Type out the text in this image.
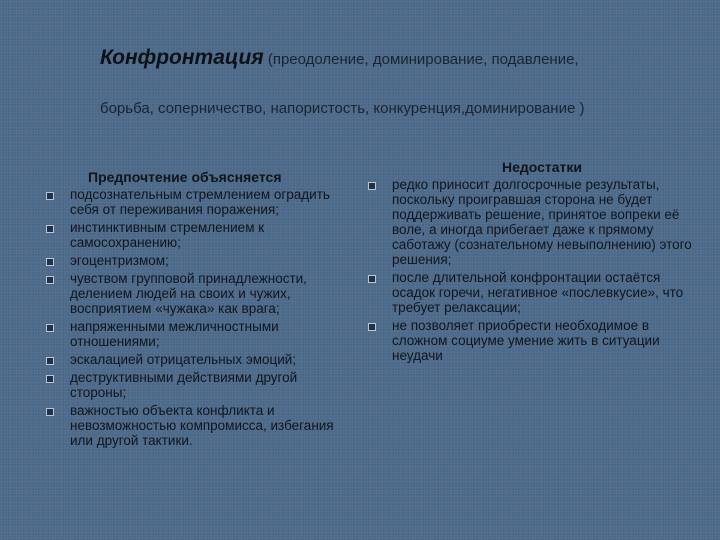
Конфронтация (преодоление, доминирование, подавление,
борьба, соперничество, напористость, конкуренция,доминирование )
Предпочтение объясняется
подсознательным стремлением оградить себя от переживания поражения;
инстинктивным стремлением к самосохранению;
эгоцентризмом;
чувством групповой принадлежности, делением людей на своих и чужих, восприятием «чужака» как врага;
напряженными межличностными отношениями;
эскалацией отрицательных эмоций;
деструктивными действиями другой стороны;
важностью объекта конфликта и невозможностью компромисса, избегания или другой тактики.
Недостатки
редко приносит долгосрочные результаты, поскольку проигравшая сторона не будет поддерживать решение, принятое вопреки её воле, а иногда прибегает даже к прямому саботажу (сознательному невыполнению) этого решения;
после длительной конфронтации остаётся осадок горечи, негативное «послевкусие», что требует релаксации;
не позволяет приобрести необходимое в сложном социуме умение жить в ситуации неудачи
